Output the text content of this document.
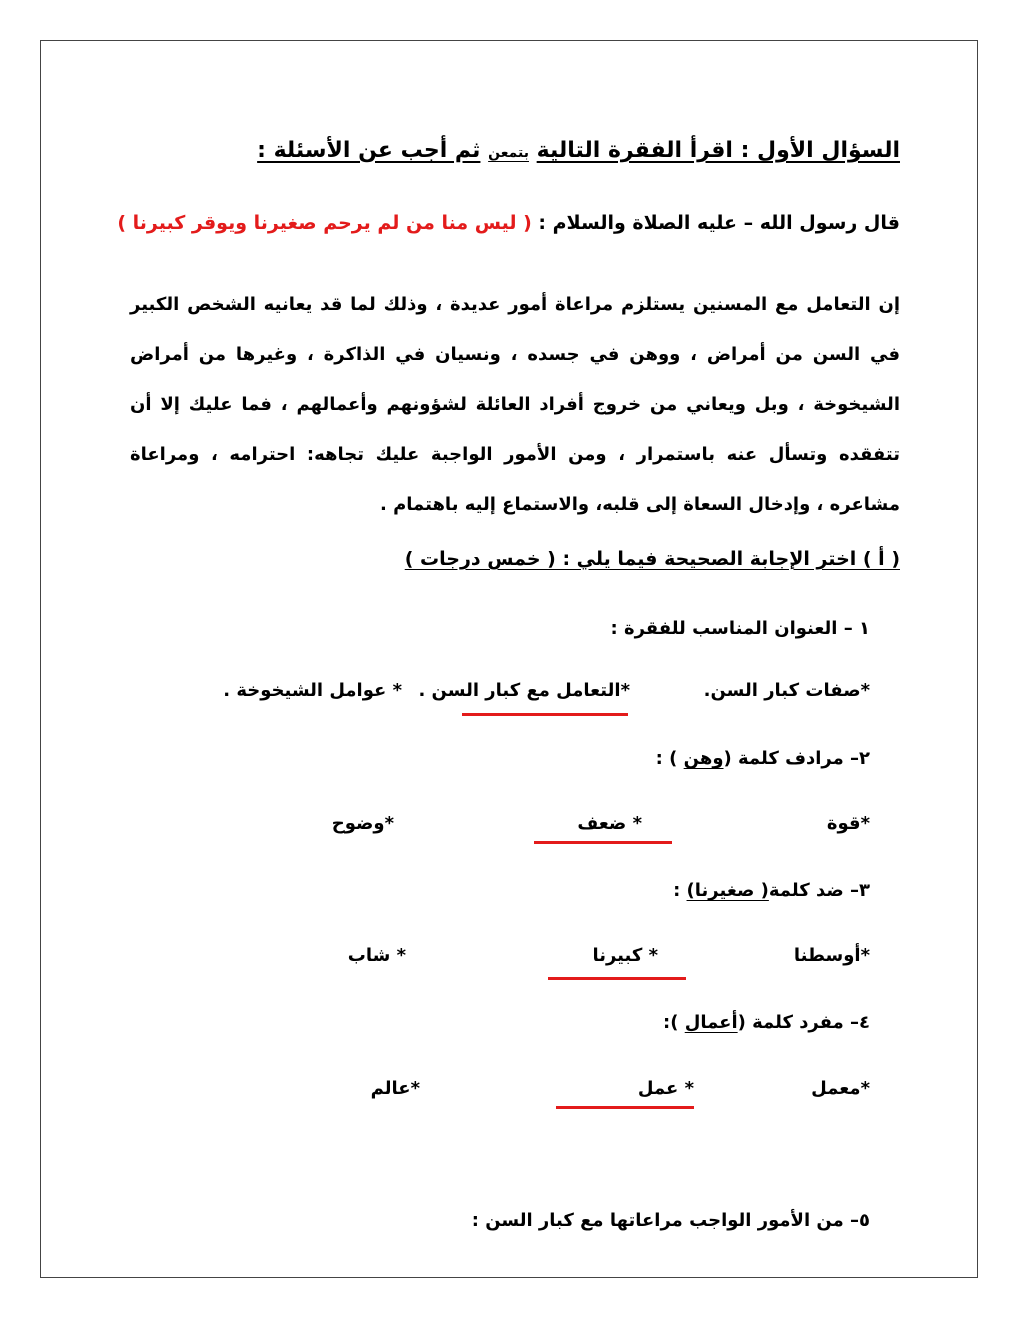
السؤال الأول : اقرأ الفقرة التالية بتمعن ثم أجب عن الأسئلة :
قال رسول الله – عليه الصلاة والسلام : ( ليس منا من لم يرحم صغيرنا ويوقر كبيرنا )
إن التعامل مع المسنين يستلزم مراعاة أمور عديدة ، وذلك لما قد يعانيه الشخص الكبير في السن من أمراض ، ووهن في جسده ، ونسيان في الذاكرة ، وغيرها من أمراض الشيخوخة ، وبل ويعاني من خروج أفراد العائلة لشؤونهم وأعمالهم ، فما عليك إلا أن تتفقده وتسأل عنه باستمرار ، ومن الأمور الواجبة عليك تجاهه: احترامه ، ومراعاة مشاعره ، وإدخال السعاة إلى قلبه، والاستماع إليه باهتمام .
( أ ) اختر الإجابة الصحيحة فيما يلي : ( خمس درجات )
١ – العنوان المناسب للفقرة :
*صفات كبار السن.
*التعامل مع كبار السن .
* عوامل الشيخوخة .
٢– مرادف كلمة (وهن ) :
*قوة
* ضعف
*وضوح
٣– ضد كلمة( صغيرنا) :
*أوسطنا
* كبيرنا
* شاب
٤– مفرد كلمة (أعمال ):
*معمل
* عمل
*عالم
٥– من الأمور الواجب مراعاتها مع كبار السن :
